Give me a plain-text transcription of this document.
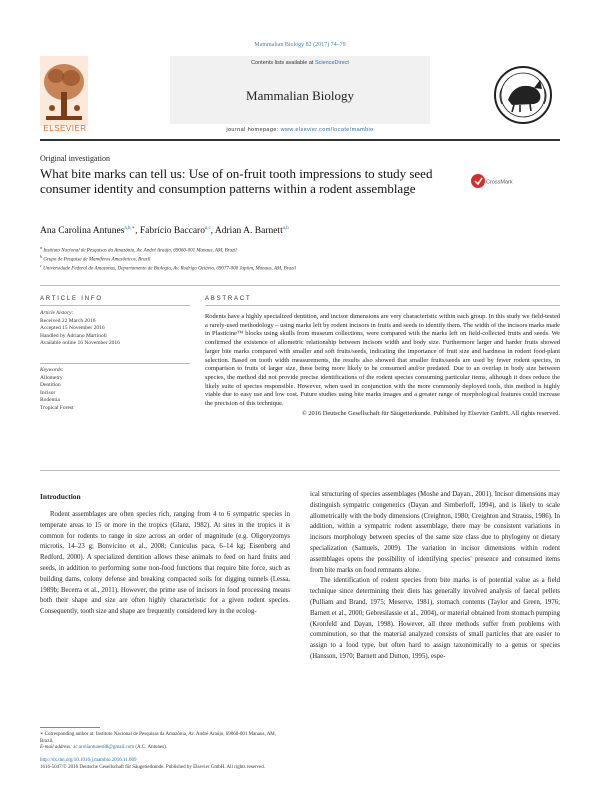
Mammalian Biology 82 (2017) 74–79
Contents lists available at ScienceDirect
Mammalian Biology
journal homepage: www.elsevier.com/locate/mambio
ELSEVIER
Original investigation
What bite marks can tell us: Use of on-fruit tooth impressions to study seed consumer identity and consumption patterns within a rodent assemblage	CrossMark
Ana Carolina Antunes$^{a,b,∗}$, Fabrício Baccaro$^{a,c}$, Adrian A. Barnett$^{a,b}$
$^a$ Instituto Nacional de Pesquisas da Amazônia, Av. André Araújo, 69060-001 Manaus, AM, Brazil
$^b$ Grupo de Pesquisa de Mamíferos Amazônicos, Brazil
$^c$ Universidade Federal do Amazonas, Departamento de Biologia, Av. Rodrigo Octávio, 69077-000 Japiim, Manaus, AM, Brazil
ARTICLE INFO
Article history:
Received 22 March 2016
Accepted 15 November 2016
Handled by Adriano Martinoli
Available online 16 November 2016
Keywords:
Allometry
Dentition
Incisor
Rodentia
Tropical Forest
ABSTRACT
Rodents have a highly specialized dentition, and incisor dimensions are very characteristic within each group. In this study we field-tested a rarely-used methodology – using marks left by rodent incisors in fruits and seeds to identify them. The width of the incisors marks made in Plasticine™ blocks using skulls from museum collections, were compared with the marks left on field-collected fruits and seeds. We confirmed the existence of allometric relationship between incisors width and body size. Furthermore larger and harder fruits showed larger bite marks compared with smaller and soft fruits/seeds, indicating the importance of fruit size and hardness in rodent food-plant selection. Based on tooth width measurements, the results also showed that smaller fruits/seeds are used by fewer rodent species, in comparison to fruits of larger size, these being more likely to be consumed and/or predated. Due to an overlap in body size between species, the method did not provide precise identifications of the rodent species consuming particular items, although it does reduce the likely suite of species responsible. However, when used in conjunction with the more commonly deployed tools, this method is highly viable due to easy use and low cost. Future studies using bite marks images and a greater range of morphological features could increase the precision of this technique.
© 2016 Deutsche Gesellschaft für Säugetierkunde. Published by Elsevier GmbH. All rights reserved.
Introduction

Rodent assemblages are often species rich, ranging from 4 to 6 sympatric species in temperate areas to 15 or more in the tropics (Glanz, 1982). At sites in the tropics it is common for rodents to range in size across an order of magnitude (e.g. Oligoryzomys microtis, 14–23 g; Bonvicino et al., 2008; Cuniculus paca, 6–14 kg; Eisenberg and Redford, 2000). A specialized dentition allows these animals to feed on hard fruits and seeds, in addition to performing some non-food functions that require bite force, such as building dams, colony defense and breaking compacted soils for digging tunnels (Lessa, 1989b; Becerra et al., 2011). However, the prime use of incisors in food processing means both their shape and size are often highly characteristic for a given rodent species. Consequently, tooth size and shape are frequently considered key in the ecolog-

ical structuring of species assemblages (Moshe and Dayan., 2001). Incisor dimensions may distinguish sympatric congenerics (Dayan and Simberloff, 1994), and is likely to scale allometrically with the body dimensions (Creighton, 1980; Creighton and Strauss, 1986). In addition, within a sympatric rodent assemblage, there may be consistent variations in incisors morphology between species of the same size class due to phylogeny or dietary specialization (Samuels, 2009). The variation in incisor dimensions within rodent assemblages opens the possibility of identifying species' presence and consumed items from bite marks on food remnants alone.

The identification of rodent species from bite marks is of potential value as a field technique since determining their diets has generally involved analysis of faecal pellets (Pulliam and Brand, 1975; Meserve, 1981), stomach contents (Taylor and Green, 1976; Barnett et al., 2000; Gebresilassie et al., 2004), or material obtained from stomach pumping (Kronfeld and Dayan, 1998). However, all three methods suffer from problems with comminution, so that the material analyzed consists of small particles that are easier to assign to a food type, but often hard to assign taxonomically to a genus or species (Hansson, 1970; Barnett and Dutton, 1995), espe-

∗ Corresponding author at: Instituto Nacional de Pesquisas da Amazônia, Av. André Araújo, 69060-001 Manaus, AM, Brazil.
E-mail address: ac.aroliantunes88@gmail.com (A.C. Antunes).
http://dx.doi.org/10.1016/j.mambio.2016.11.009
1616-5047/© 2016 Deutsche Gesellschaft für Säugetierkunde. Published by Elsevier GmbH. All rights reserved.
